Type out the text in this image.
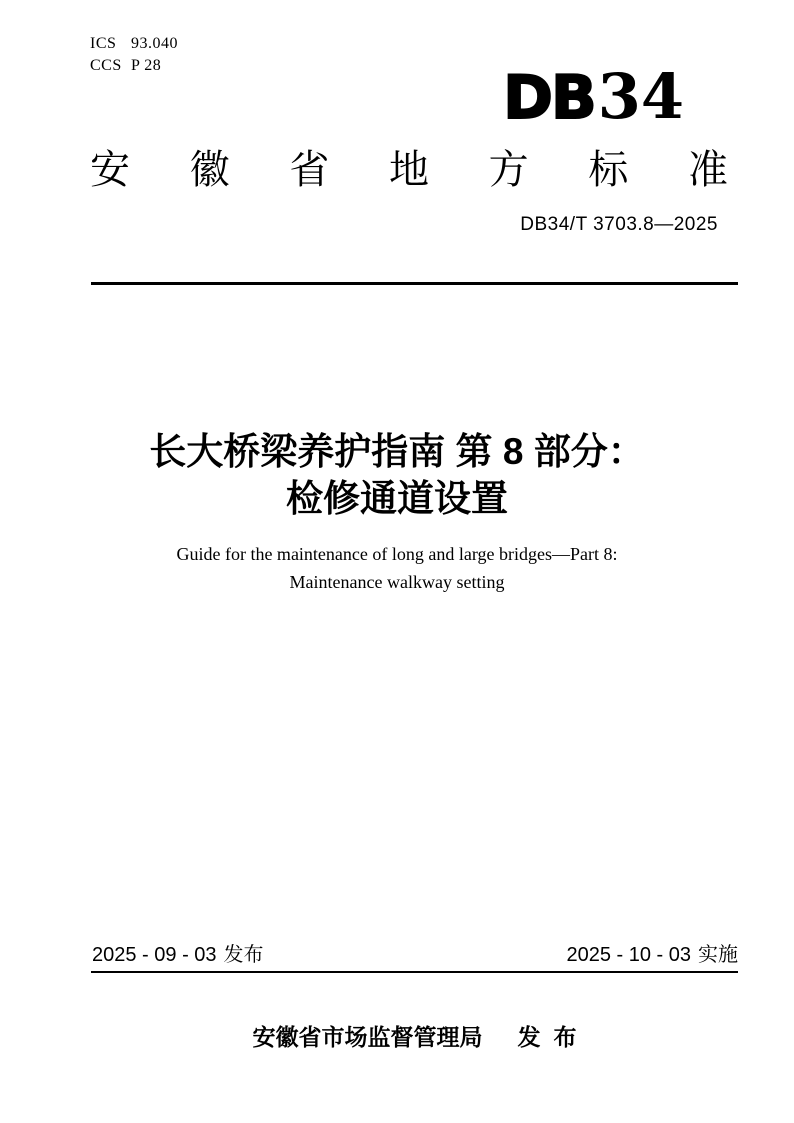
ICS 93.040
CCS P 28	DB34
安徽省地方标准
DB34/T 3703.8—2025
长大桥梁养护指南 第 8 部分：
检修通道设置
Guide for the maintenance of long and large bridges—Part 8:
Maintenance walkway setting
2025 - 09 - 03 发布	2025 - 10 - 03 实施
安徽省市场监督管理局 发布
